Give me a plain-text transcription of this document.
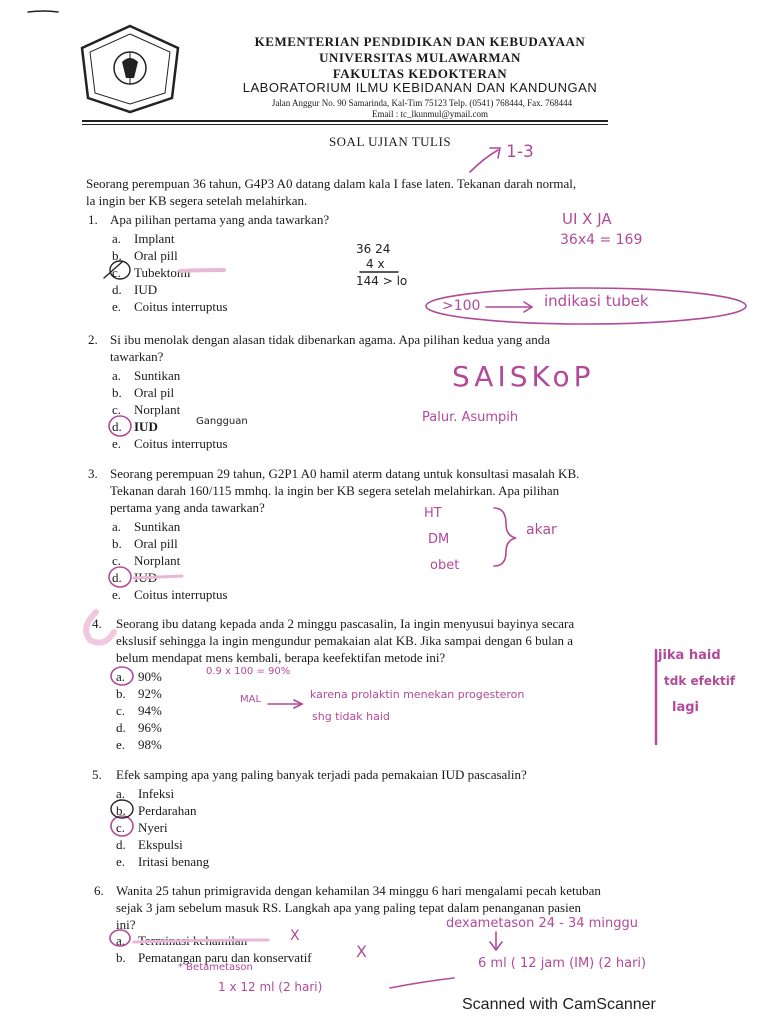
KEMENTERIAN PENDIDIKAN DAN KEBUDAYAAN
UNIVERSITAS MULAWARMAN
FAKULTAS KEDOKTERAN
LABORATORIUM ILMU KEBIDANAN DAN KANDUNGAN
Jalan Anggur No. 90 Samarinda, Kal-Tim 75123 Telp. (0541) 768444, Fax. 768444
Email : tc_lkunmul@ymail.com
SOAL UJIAN TULIS
Seorang perempuan 36 tahun, G4P3 A0 datang dalam kala I fase laten. Tekanan darah normal,
la ingin ber KB segera setelah melahirkan.
1. Apa pilihan pertama yang anda tawarkan?
a. Implant
b. Oral pill
c. Tubektomi
d. IUD
e. Coitus interruptus
2. Si ibu menolak dengan alasan tidak dibenarkan agama. Apa pilihan kedua yang anda
tawarkan?
a. Suntikan
b. Oral pil
c. Norplant
d. IUD
e. Coitus interruptus
3. Seorang perempuan 29 tahun, G2P1 A0 hamil aterm datang untuk konsultasi masalah KB.
Tekanan darah 160/115 mmhq. la ingin ber KB segera setelah melahirkan. Apa pilihan
pertama yang anda tawarkan?
a. Suntikan
b. Oral pill
c. Norplant
d. IUD
e. Coitus interruptus
4. Seorang ibu datang kepada anda 2 minggu pascasalin, Ia ingin menyusui bayinya secara
ekslusif sehingga la ingin mengundur pemakaian alat KB. Jika sampai dengan 6 bulan a
belum mendapat mens kembali, berapa keefektifan metode ini?
a. 90%
b. 92%
c. 94%
d. 96%
e. 98%
5. Efek samping apa yang paling banyak terjadi pada pemakaian IUD pascasalin?
a. Infeksi
b. Perdarahan
c. Nyeri
d. Ekspulsi
e. Iritasi benang
6. Wanita 25 tahun primigravida dengan kehamilan 34 minggu 6 hari mengalami pecah ketuban
sejak 3 jam sebelum masuk RS. Langkah apa yang paling tepat dalam penanganan pasien
ini?
a. Terminasi kehamilan
b. Pematangan paru dan konservatif
1-3
UI X JA
36x4 = 169
36 24
4 x
144 > lo
>100	indikasi tubek
SAISKoP
Palur. Asumpih
HT
DM
obet
akar
jika haid
tdk efektif
lagi
0.9 x 100 = 90%
MAL	karena prolaktin menekan progesteron
shg tidak haid
dexametason 24 - 34 minggu
6 ml ( 12 jam (IM) (2 hari)
* Betametason
1 x 12 ml (2 hari)
X
X
Gangguan
Scanned with CamScanner
